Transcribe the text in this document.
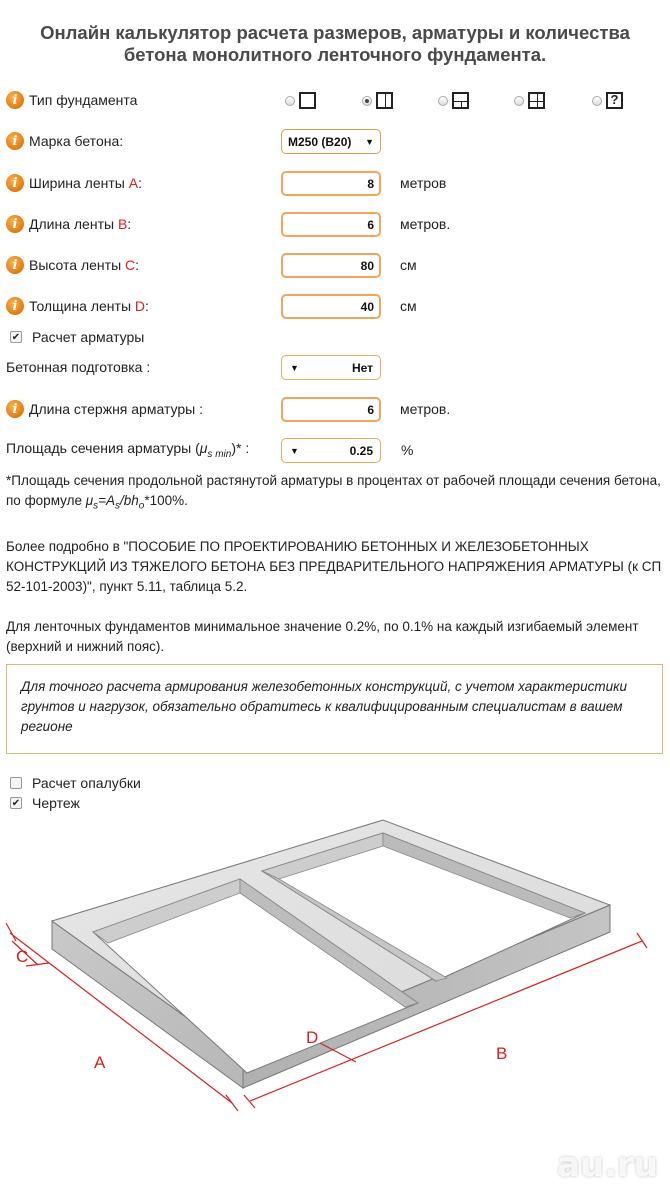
Онлайн калькулятор расчета размеров, арматуры и количества
бетона монолитного ленточного фундамента.
i Тип фундамента	?
i Марка бетона:	М250 (В20) ▼
i Ширина ленты A:	8 метров
i Длина ленты B:	6 метров.
i Высота ленты C:	80 см
i Толщина ленты D:	40 см
✔ Расчет арматуры
Бетонная подготовка :	▼	Нет
i Длина стержня арматуры :	6 метров.
Площадь сечения арматуры $(\mu_{s min})*$ :	▼	0.25 %

*Площадь сечения продольной растянутой арматуры в процентах от рабочей площади сечения бетона, по формуле $\mu_s=A_s/bh_o*100\%$.

Более подробно в "ПОСОБИЕ ПО ПРОЕКТИРОВАНИЮ БЕТОННЫХ И ЖЕЛЕЗОБЕТОННЫХ КОНСТРУКЦИЙ ИЗ ТЯЖЕЛОГО БЕТОНА БЕЗ ПРЕДВАРИТЕЛЬНОГО НАПРЯЖЕНИЯ АРМАТУРЫ (к СП 52-101-2003)", пункт 5.11, таблица 5.2.

Для ленточных фундаментов минимальное значение 0.2%, по 0.1% на каждый изгибаемый элемент (верхний и нижний пояс).

Для точного расчета армирования железобетонных конструкций, с учетом характеристики грунтов и нагрузок, обязательно обратитесь к квалифицированным специалистам в вашем регионе
Расчет опалубки
✔ Чертеж
A	B
C
D
au.ru
